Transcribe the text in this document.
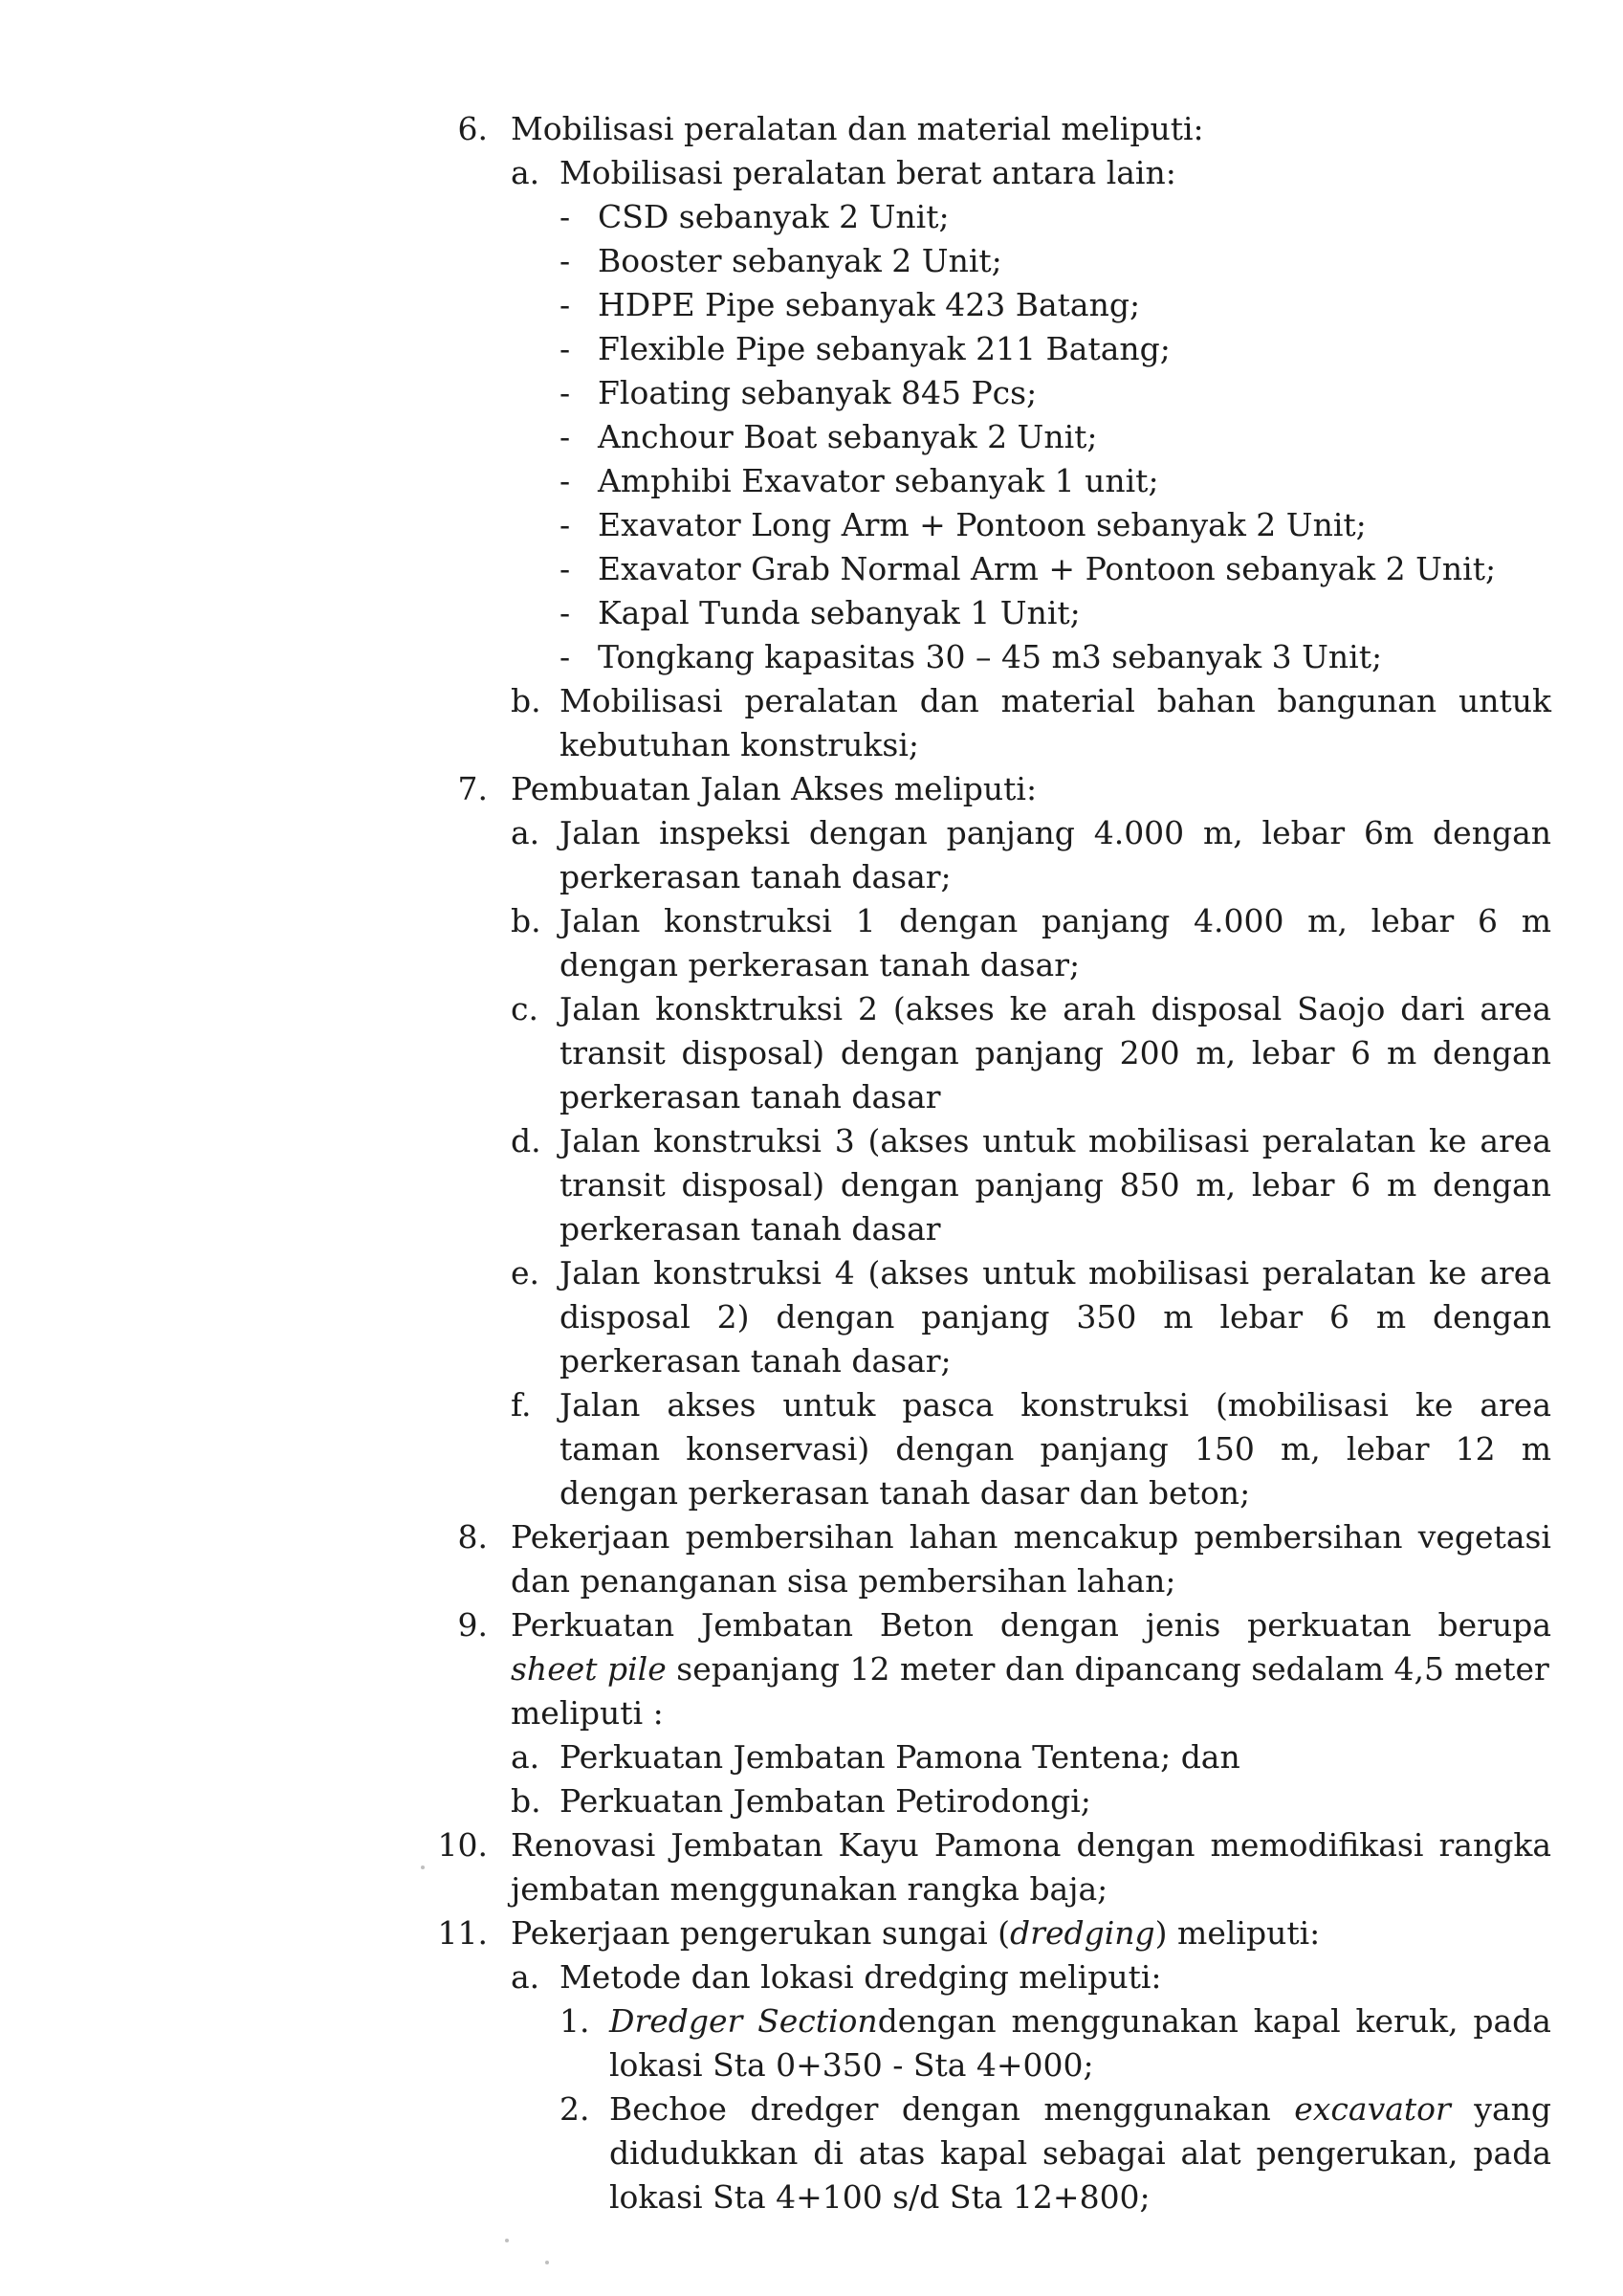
6. Mobilisasi peralatan dan material meliputi:

a. Mobilisasi peralatan berat antara lain:

- CSD sebanyak 2 Unit;

- Booster sebanyak 2 Unit;

- HDPE Pipe sebanyak 423 Batang;

- Flexible Pipe sebanyak 211 Batang;

- Floating sebanyak 845 Pcs;

- Anchour Boat sebanyak 2 Unit;

- Amphibi Exavator sebanyak 1 unit;

- Exavator Long Arm + Pontoon sebanyak 2 Unit;

- Exavator Grab Normal Arm + Pontoon sebanyak 2 Unit;

- Kapal Tunda sebanyak 1 Unit;

- Tongkang kapasitas 30 – 45 m3 sebanyak 3 Unit;

b. Mobilisasi peralatan dan material bahan bangunan untuk

kebutuhan konstruksi;

7. Pembuatan Jalan Akses meliputi:

a. Jalan inspeksi dengan panjang 4.000 m, lebar 6m dengan

perkerasan tanah dasar;

b. Jalan konstruksi 1 dengan panjang 4.000 m, lebar 6 m

dengan perkerasan tanah dasar;

c. Jalan konsktruksi 2 (akses ke arah disposal Saojo dari area

transit disposal) dengan panjang 200 m, lebar 6 m dengan

perkerasan tanah dasar

d. Jalan konstruksi 3 (akses untuk mobilisasi peralatan ke area

transit disposal) dengan panjang 850 m, lebar 6 m dengan

perkerasan tanah dasar

e. Jalan konstruksi 4 (akses untuk mobilisasi peralatan ke area

disposal 2) dengan panjang 350 m lebar 6 m dengan

perkerasan tanah dasar;

f. Jalan akses untuk pasca konstruksi (mobilisasi ke area

taman konservasi) dengan panjang 150 m, lebar 12 m

dengan perkerasan tanah dasar dan beton;

8. Pekerjaan pembersihan lahan mencakup pembersihan vegetasi

dan penanganan sisa pembersihan lahan;

9. Perkuatan Jembatan Beton dengan jenis perkuatan berupa

sheet pile sepanjang 12 meter dan dipancang sedalam 4,5 meter

meliputi :

a. Perkuatan Jembatan Pamona Tentena; dan

b. Perkuatan Jembatan Petirodongi;

10. Renovasi Jembatan Kayu Pamona dengan memodifikasi rangka

jembatan menggunakan rangka baja;

11. Pekerjaan pengerukan sungai (dredging) meliputi:

a. Metode dan lokasi dredging meliputi:

1. Dredger Sectiondengan menggunakan kapal keruk, pada

lokasi Sta 0+350 - Sta 4+000;

2. Bechoe dredger dengan menggunakan excavator yang

didudukkan di atas kapal sebagai alat pengerukan, pada

lokasi Sta 4+100 s/d Sta 12+800;
